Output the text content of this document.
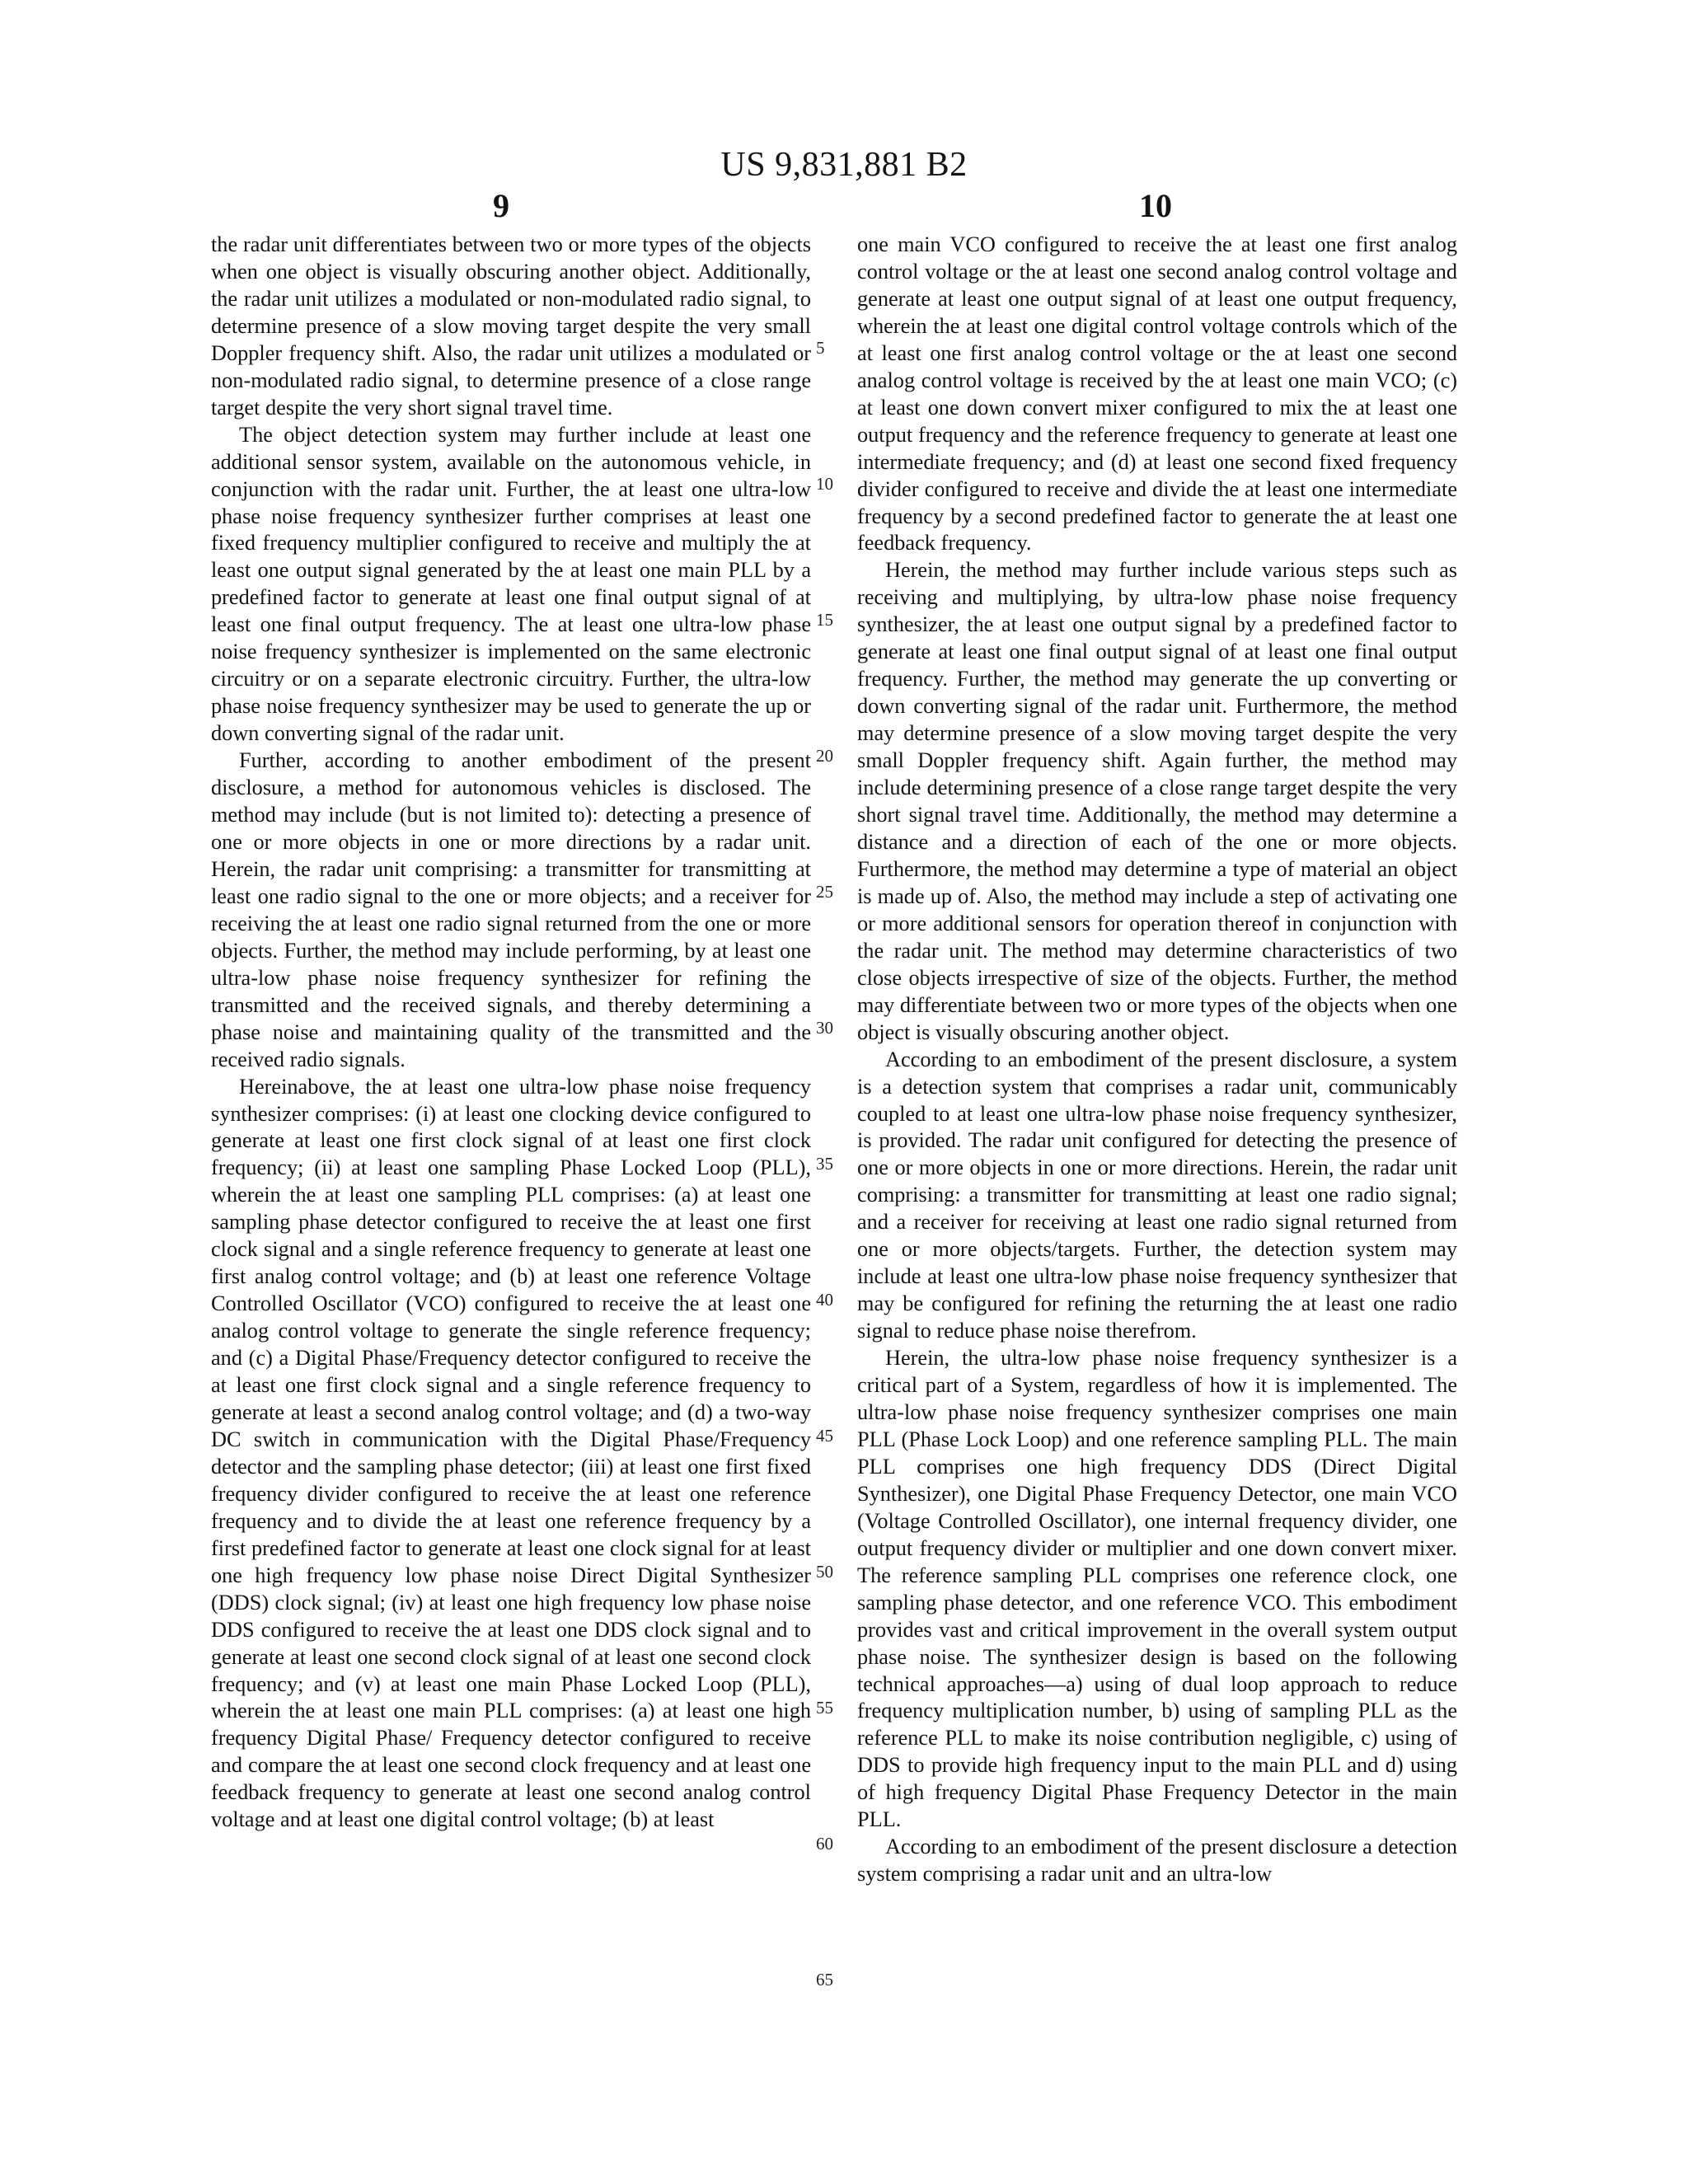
US 9,831,881 B2
9	10

the radar unit differentiates between two or more types of the objects when one object is visually obscuring another object. Additionally, the radar unit utilizes a modulated or non-modulated radio signal, to determine presence of a slow moving target despite the very small Doppler frequency shift. Also, the radar unit utilizes a modulated or non-modulated radio signal, to determine presence of a close range target despite the very short signal travel time.

The object detection system may further include at least one additional sensor system, available on the autonomous vehicle, in conjunction with the radar unit. Further, the at least one ultra-low phase noise frequency synthesizer further comprises at least one fixed frequency multiplier configured to receive and multiply the at least one output signal generated by the at least one main PLL by a predefined factor to generate at least one final output signal of at least one final output frequency. The at least one ultra-low phase noise frequency synthesizer is implemented on the same electronic circuitry or on a separate electronic circuitry. Further, the ultra-low phase noise frequency synthesizer may be used to generate the up or down converting signal of the radar unit.

Further, according to another embodiment of the present disclosure, a method for autonomous vehicles is disclosed. The method may include (but is not limited to): detecting a presence of one or more objects in one or more directions by a radar unit. Herein, the radar unit comprising: a transmitter for transmitting at least one radio signal to the one or more objects; and a receiver for receiving the at least one radio signal returned from the one or more objects. Further, the method may include performing, by at least one ultra-low phase noise frequency synthesizer for refining the transmitted and the received signals, and thereby determining a phase noise and maintaining quality of the transmitted and the received radio signals.

Hereinabove, the at least one ultra-low phase noise frequency synthesizer comprises: (i) at least one clocking device configured to generate at least one first clock signal of at least one first clock frequency; (ii) at least one sampling Phase Locked Loop (PLL), wherein the at least one sampling PLL comprises: (a) at least one sampling phase detector configured to receive the at least one first clock signal and a single reference frequency to generate at least one first analog control voltage; and (b) at least one reference Voltage Controlled Oscillator (VCO) configured to receive the at least one analog control voltage to generate the single reference frequency; and (c) a Digital Phase/Frequency detector configured to receive the at least one first clock signal and a single reference frequency to generate at least a second analog control voltage; and (d) a two-way DC switch in communication with the Digital Phase/Frequency detector and the sampling phase detector; (iii) at least one first fixed frequency divider configured to receive the at least one reference frequency and to divide the at least one reference frequency by a first predefined factor to generate at least one clock signal for at least one high frequency low phase noise Direct Digital Synthesizer (DDS) clock signal; (iv) at least one high frequency low phase noise DDS configured to receive the at least one DDS clock signal and to generate at least one second clock signal of at least one second clock frequency; and (v) at least one main Phase Locked Loop (PLL), wherein the at least one main PLL comprises: (a) at least one high frequency Digital Phase/ Frequency detector configured to receive and compare the at least one second clock frequency and at least one feedback frequency to generate at least one second analog control voltage and at least one digital control voltage; (b) at least

one main VCO configured to receive the at least one first analog control voltage or the at least one second analog control voltage and generate at least one output signal of at least one output frequency, wherein the at least one digital control voltage controls which of the at least one first analog control voltage or the at least one second analog control voltage is received by the at least one main VCO; (c) at least one down convert mixer configured to mix the at least one output frequency and the reference frequency to generate at least one intermediate frequency; and (d) at least one second fixed frequency divider configured to receive and divide the at least one intermediate frequency by a second predefined factor to generate the at least one feedback frequency.

Herein, the method may further include various steps such as receiving and multiplying, by ultra-low phase noise frequency synthesizer, the at least one output signal by a predefined factor to generate at least one final output signal of at least one final output frequency. Further, the method may generate the up converting or down converting signal of the radar unit. Furthermore, the method may determine presence of a slow moving target despite the very small Doppler frequency shift. Again further, the method may include determining presence of a close range target despite the very short signal travel time. Additionally, the method may determine a distance and a direction of each of the one or more objects. Furthermore, the method may determine a type of material an object is made up of. Also, the method may include a step of activating one or more additional sensors for operation thereof in conjunction with the radar unit. The method may determine characteristics of two close objects irrespective of size of the objects. Further, the method may differentiate between two or more types of the objects when one object is visually obscuring another object.

According to an embodiment of the present disclosure, a system is a detection system that comprises a radar unit, communicably coupled to at least one ultra-low phase noise frequency synthesizer, is provided. The radar unit configured for detecting the presence of one or more objects in one or more directions. Herein, the radar unit comprising: a transmitter for transmitting at least one radio signal; and a receiver for receiving at least one radio signal returned from one or more objects/targets. Further, the detection system may include at least one ultra-low phase noise frequency synthesizer that may be configured for refining the returning the at least one radio signal to reduce phase noise therefrom.

Herein, the ultra-low phase noise frequency synthesizer is a critical part of a System, regardless of how it is implemented. The ultra-low phase noise frequency synthesizer comprises one main PLL (Phase Lock Loop) and one reference sampling PLL. The main PLL comprises one high frequency DDS (Direct Digital Synthesizer), one Digital Phase Frequency Detector, one main VCO (Voltage Controlled Oscillator), one internal frequency divider, one output frequency divider or multiplier and one down convert mixer. The reference sampling PLL comprises one reference clock, one sampling phase detector, and one reference VCO. This embodiment provides vast and critical improvement in the overall system output phase noise. The synthesizer design is based on the following technical approaches—a) using of dual loop approach to reduce frequency multiplication number, b) using of sampling PLL as the reference PLL to make its noise contribution negligible, c) using of DDS to provide high frequency input to the main PLL and d) using of high frequency Digital Phase Frequency Detector in the main PLL.

According to an embodiment of the present disclosure a detection system comprising a radar unit and an ultra-low

5
10
15
20
25
30
35
40
45
50
55
60
65
